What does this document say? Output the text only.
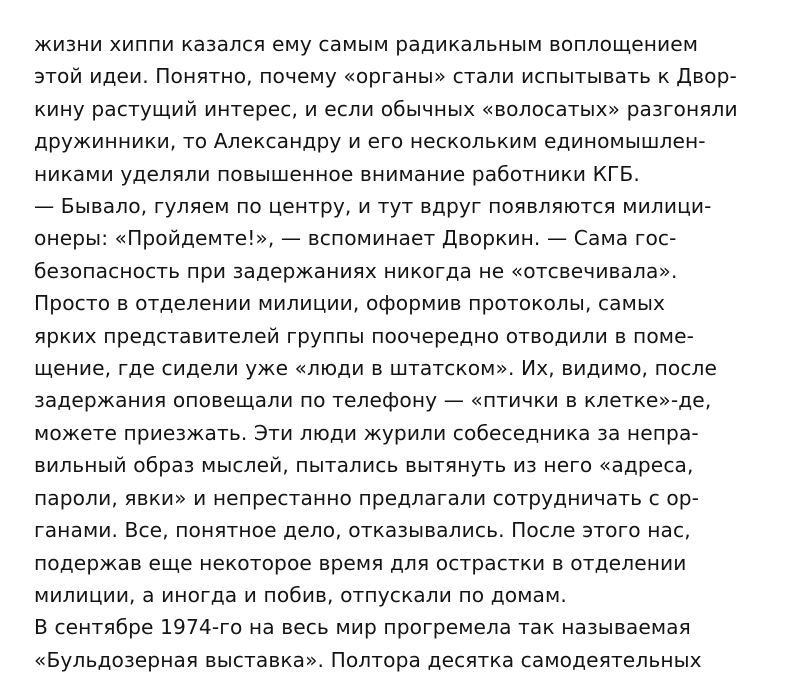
жизни хиппи казался ему самым радикальным воплощением
этой идеи. Понятно, почему «органы» стали испытывать к Двор-
кину растущий интерес, и если обычных «волосатых» разгоняли
дружинники, то Александру и его нескольким единомышлен-
никами уделяли повышенное внимание работники КГБ.

— Бывало, гуляем по центру, и тут вдруг появляются милици-
онеры: «Пройдемте!», — вспоминает Дворкин. — Сама гос-
безопасность при задержаниях никогда не «отсвечивала».
Просто в отделении милиции, оформив протоколы, самых
ярких представителей группы поочередно отводили в поме-
щение, где сидели уже «люди в штатском». Их, видимо, после
задержания оповещали по телефону — «птички в клетке»-де,
можете приезжать. Эти люди журили собеседника за непра-
вильный образ мыслей, пытались вытянуть из него «адреса,
пароли, явки» и непрестанно предлагали сотрудничать с ор-
ганами. Все, понятное дело, отказывались. После этого нас,
подержав еще некоторое время для острастки в отделении
милиции, а иногда и побив, отпускали по домам.

В сентябре 1974-го на весь мир прогремела так называемая
«Бульдозерная выставка». Полтора десятка самодеятельных
